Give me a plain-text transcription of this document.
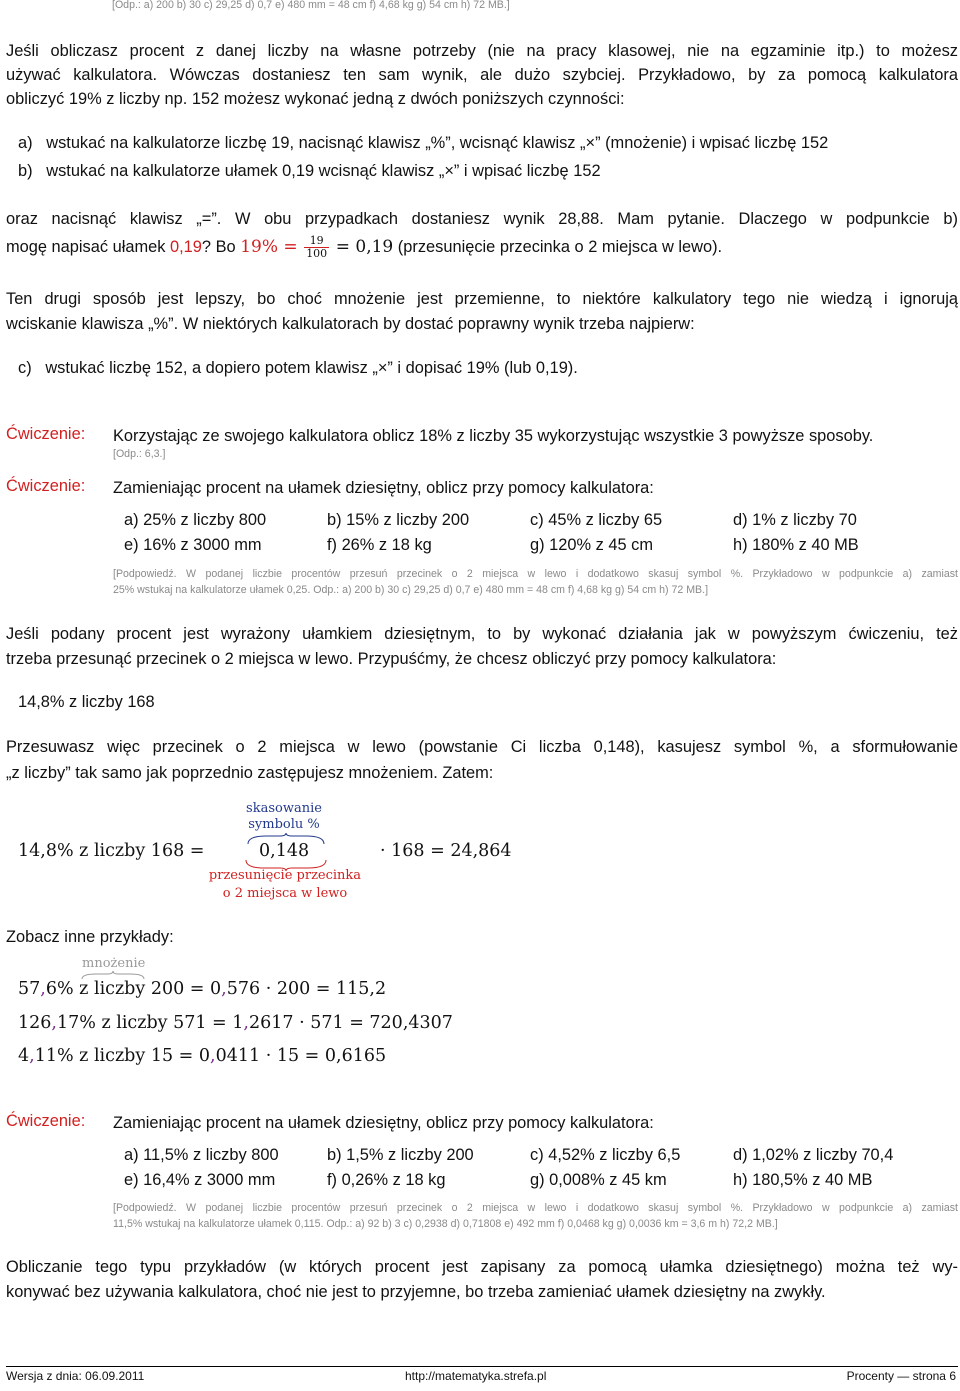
[Odp.: a) 200 b) 30 c) 29,25 d) 0,7 e) 480 mm = 48 cm f) 4,68 kg g) 54 cm h) 72 MB.]
Jeśli obliczasz procent z danej liczby na własne potrzeby (nie na pracy klasowej, nie na egzaminie itp.) to możesz
używać kalkulatora. Wówczas dostaniesz ten sam wynik, ale dużo szybciej. Przykładowo, by za pomocą kalkulatora
obliczyć 19% z liczby np. 152 możesz wykonać jedną z dwóch poniższych czynności:
a)   wstukać na kalkulatorze liczbę 19, nacisnąć klawisz „%”, wcisnąć klawisz „×” (mnożenie) i wpisać liczbę 152
b)   wstukać na kalkulatorze ułamek 0,19 wcisnąć klawisz „×” i wpisać liczbę 152
oraz nacisnąć klawisz „=”. W obu przypadkach dostaniesz wynik 28,88. Mam pytanie. Dlaczego w podpunkcie b)
mogę napisać ułamek 0,19? Bo $19\% = \frac{19}{100} = 0,19$ (przesunięcie przecinka o 2 miejsca w lewo).
Ten drugi sposób jest lepszy, bo choć mnożenie jest przemienne, to niektóre kalkulatory tego nie wiedzą i ignorują
wciskanie klawisza „%”. W niektórych kalkulatorach by dostać poprawny wynik trzeba najpierw:
c)   wstukać liczbę 152, a dopiero potem klawisz „×” i dopisać 19% (lub 0,19).
Ćwiczenie: Korzystając ze swojego kalkulatora oblicz 18% z liczby 35 wykorzystując wszystkie 3 powyższe sposoby.
[Odp.: 6,3.]
Ćwiczenie: Zamieniając procent na ułamek dziesiętny, oblicz przy pomocy kalkulatora:
a) 25% z liczby 800	b) 15% z liczby 200	c) 45% z liczby 65	d) 1% z liczby 70
e) 16% z 3000 mm	f) 26% z 18 kg	g) 120% z 45 cm	h) 180% z 40 MB
[Podpowiedź. W podanej liczbie procentów przesuń przecinek o 2 miejsca w lewo i dodatkowo skasuj symbol %. Przykładowo w podpunkcie a) zamiast
25% wstukaj na kalkulatorze ułamek 0,25. Odp.: a) 200 b) 30 c) 29,25 d) 0,7 e) 480 mm = 48 cm f) 4,68 kg g) 54 cm h) 72 MB.]
Jeśli podany procent jest wyrażony ułamkiem dziesiętnym, to by wykonać działania jak w powyższym ćwiczeniu, też
trzeba przesunąć przecinek o 2 miejsca w lewo. Przypuśćmy, że chcesz obliczyć przy pomocy kalkulatora:
14,8% z liczby 168
Przesuwasz więc przecinek o 2 miejsca w lewo (powstanie Ci liczba 0,148), kasujesz symbol %, a sformułowanie
„z liczby” tak samo jak poprzednio zastępujesz mnożeniem. Zatem:
skasowanie
symbolu %
14,8% z liczby 168 =	0,148	· 168 = 24,864
przesunięcie przecinka
o 2 miejsca w lewo
Zobacz inne przykłady:
mnożenie
57,6% z liczby 200 = 0,576 · 200 = 115,2
126,17% z liczby 571 = 1,2617 · 571 = 720,4307
4,11% z liczby 15 = 0,0411 · 15 = 0,6165
Ćwiczenie: Zamieniając procent na ułamek dziesiętny, oblicz przy pomocy kalkulatora:
a) 11,5% z liczby 800	b) 1,5% z liczby 200	c) 4,52% z liczby 6,5	d) 1,02% z liczby 70,4
e) 16,4% z 3000 mm	f) 0,26% z 18 kg	g) 0,008% z 45 km	h) 180,5% z 40 MB
[Podpowiedź. W podanej liczbie procentów przesuń przecinek o 2 miejsca w lewo i dodatkowo skasuj symbol %. Przykładowo w podpunkcie a) zamiast
11,5% wstukaj na kalkulatorze ułamek 0,115. Odp.: a) 92 b) 3 c) 0,2938 d) 0,71808 e) 492 mm f) 0,0468 kg g) 0,0036 km = 3,6 m h) 72,2 MB.]
Obliczanie tego typu przykładów (w których procent jest zapisany za pomocą ułamka dziesiętnego) można też wy-
konywać bez używania kalkulatora, choć nie jest to przyjemne, bo trzeba zamieniać ułamek dziesiętny na zwykły.
Wersja z dnia: 06.09.2011	http://matematyka.strefa.pl	Procenty — strona 6
